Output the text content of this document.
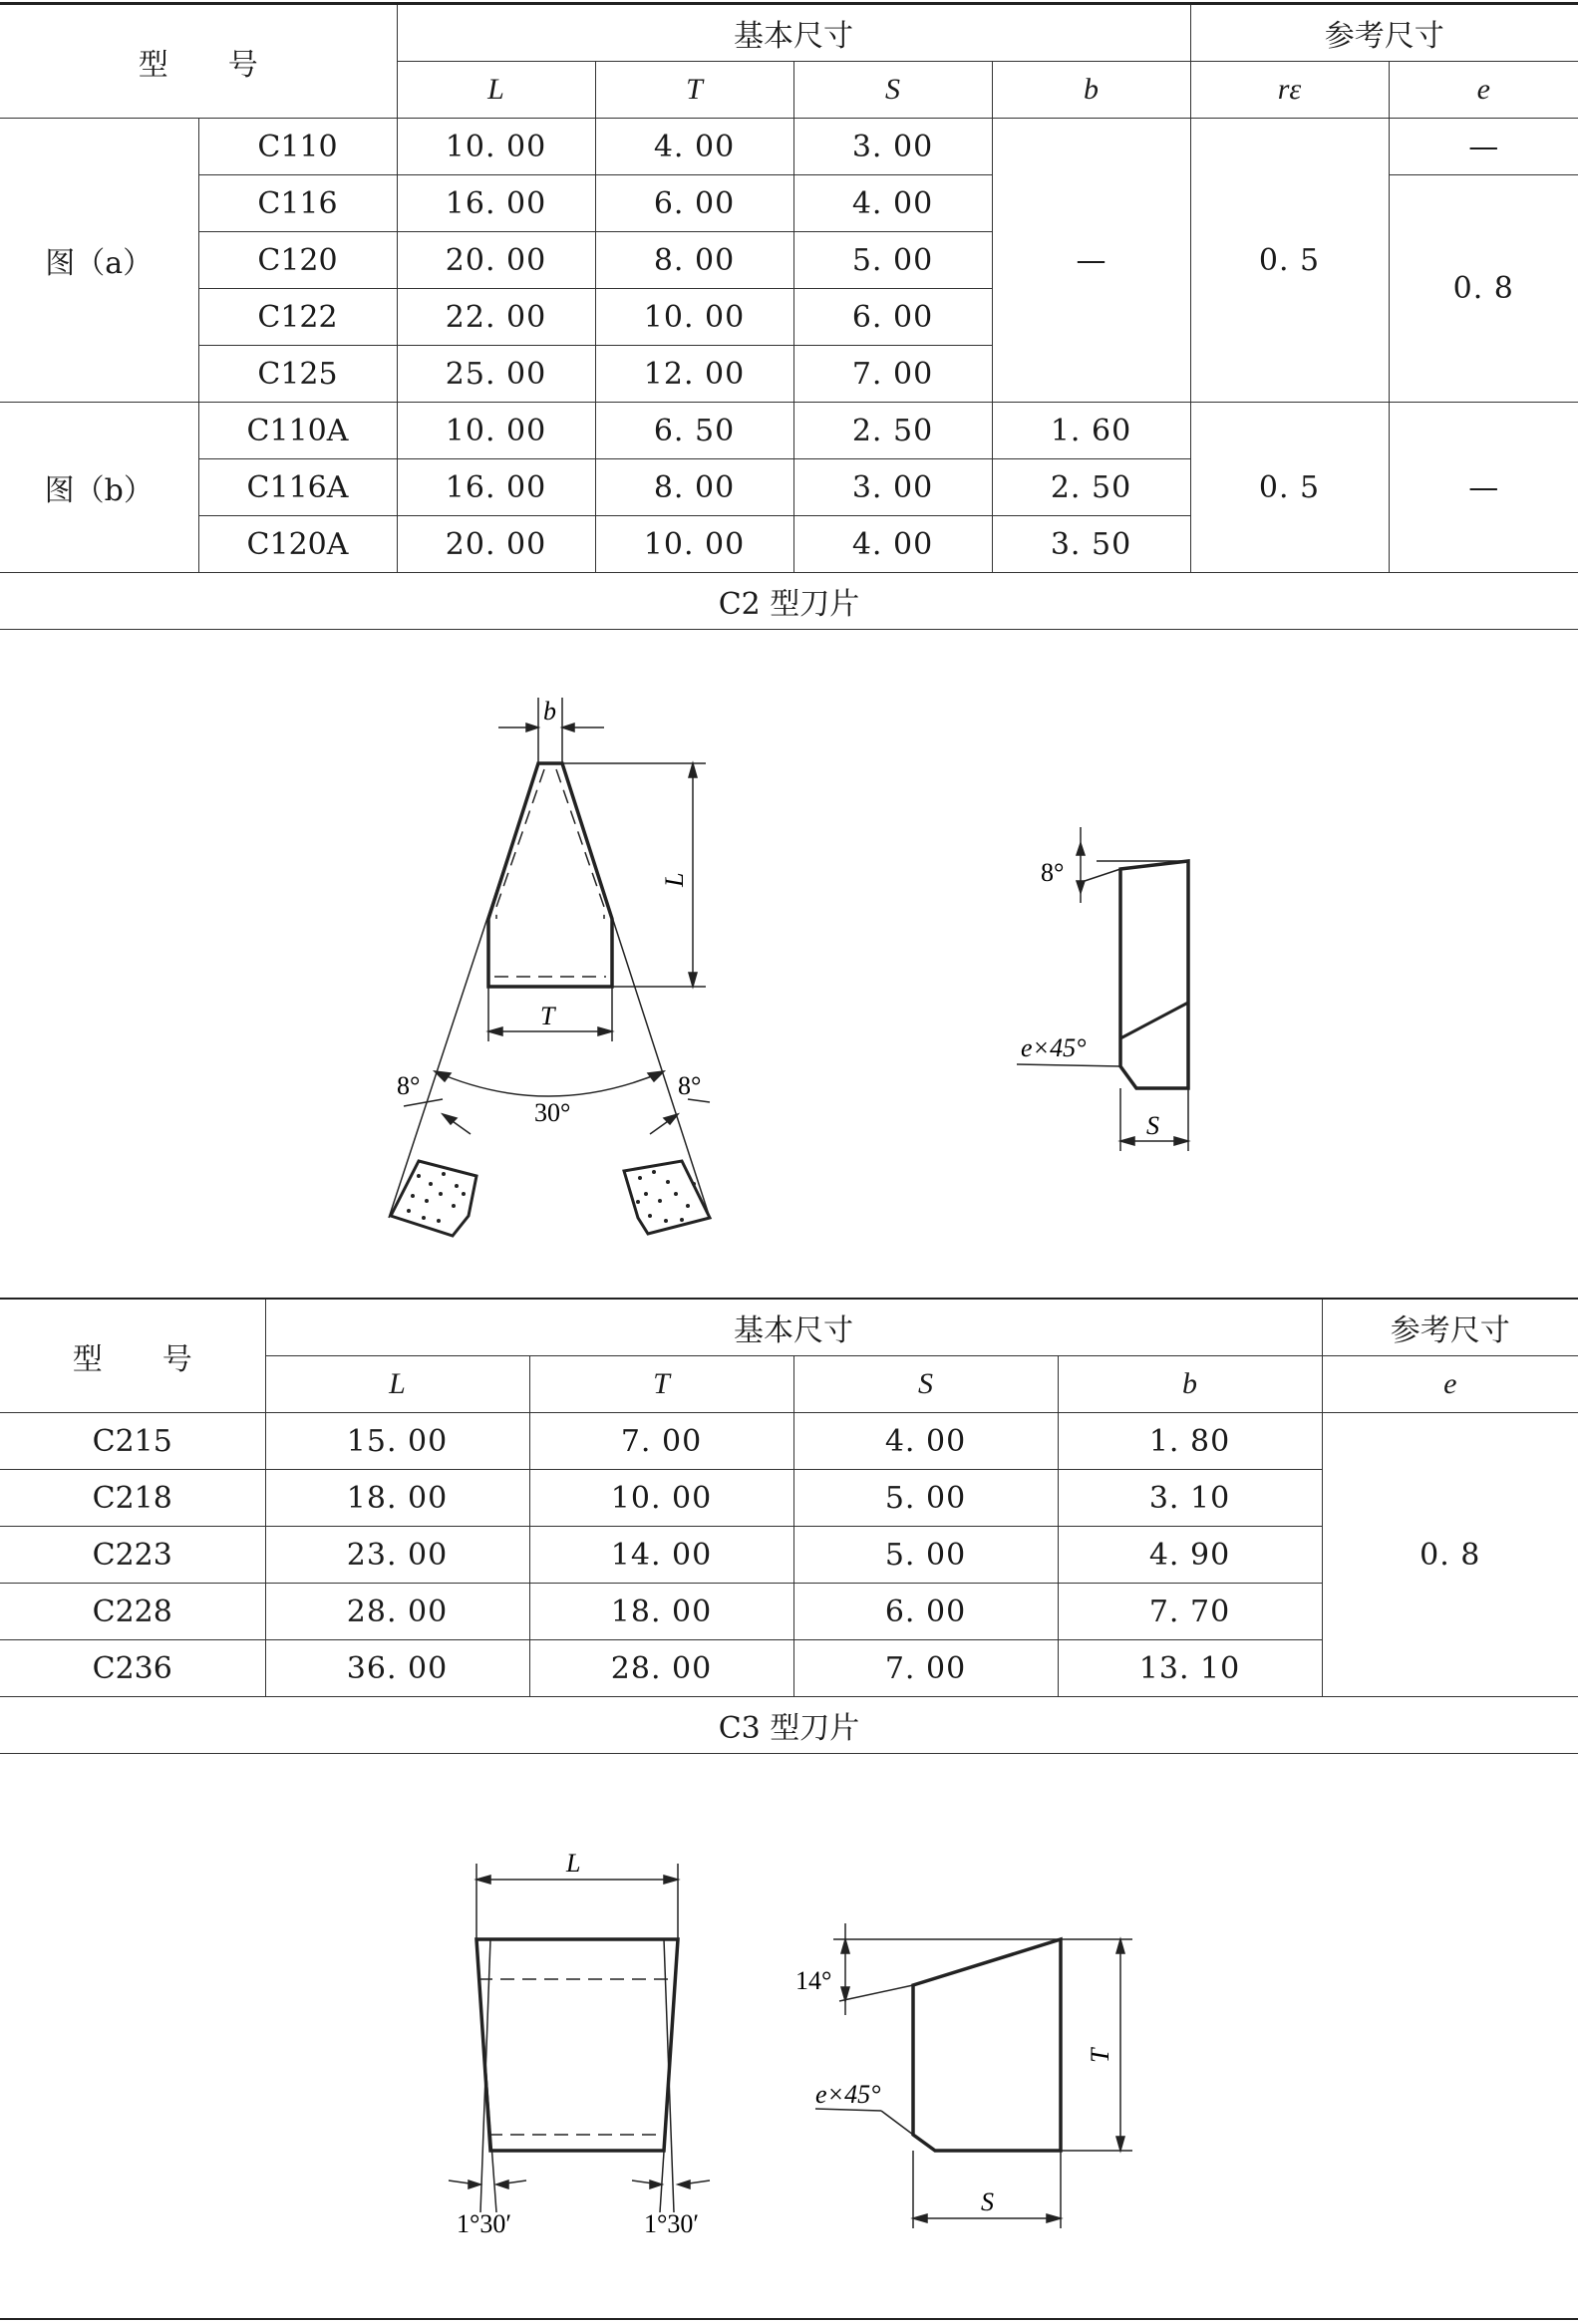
型　　号		基本尺寸				参考尺寸	
		L	T	S	b	rε	e
图（a）	C110	10. 00	4. 00	3. 00	—	0. 5	—
	C116	16. 00	6. 00	4. 00			0. 8
	C120	20. 00	8. 00	5. 00			
	C122	22. 00	10. 00	6. 00			
	C125	25. 00	12. 00	7. 00			
图（b）	C110A	10. 00	6. 50	2. 50	1. 60	0. 5	—
	C116A	16. 00	8. 00	3. 00	2. 50		
	C120A	20. 00	10. 00	4. 00	3. 50		
C2 型刀片							
b
L
T
30°
8°	8°
8°
e×45°
S
型　　号	基本尺寸				参考尺寸
	L	T	S	b	e
C215	15. 00	7. 00	4. 00	1. 80	0. 8
C218	18. 00	10. 00	5. 00	3. 10	
C223	23. 00	14. 00	5. 00	4. 90	
C228	28. 00	18. 00	6. 00	7. 70	
C236	36. 00	28. 00	7. 00	13. 10	
C3 型刀片					
L
1°30′	1°30′
14°
e×45°
T
S
